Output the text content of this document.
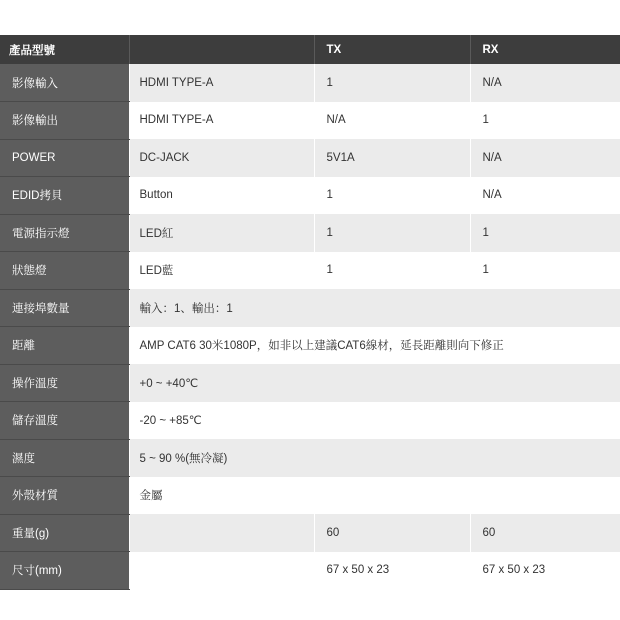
產品型號		TX	RX
影像輸入	HDMI TYPE-A	1	N/A
影像輸出	HDMI TYPE-A	N/A	1
POWER	DC-JACK	5V1A	N/A
EDID拷貝	Button	1	N/A
電源指示燈	LED紅	1	1
狀態燈	LED藍	1	1
連接埠數量	輸入：1、輸出：1		
距離	AMP CAT6 30米1080P，如非以上建議CAT6線材，延長距離則向下修正		
操作溫度	+0 ~ +40℃		
儲存溫度	-20 ~ +85℃		
濕度	5 ~ 90 %(無冷凝)		
外殼材質	金屬		
重量(g)		60	60
尺寸(mm)		67 x 50 x 23	67 x 50 x 23
